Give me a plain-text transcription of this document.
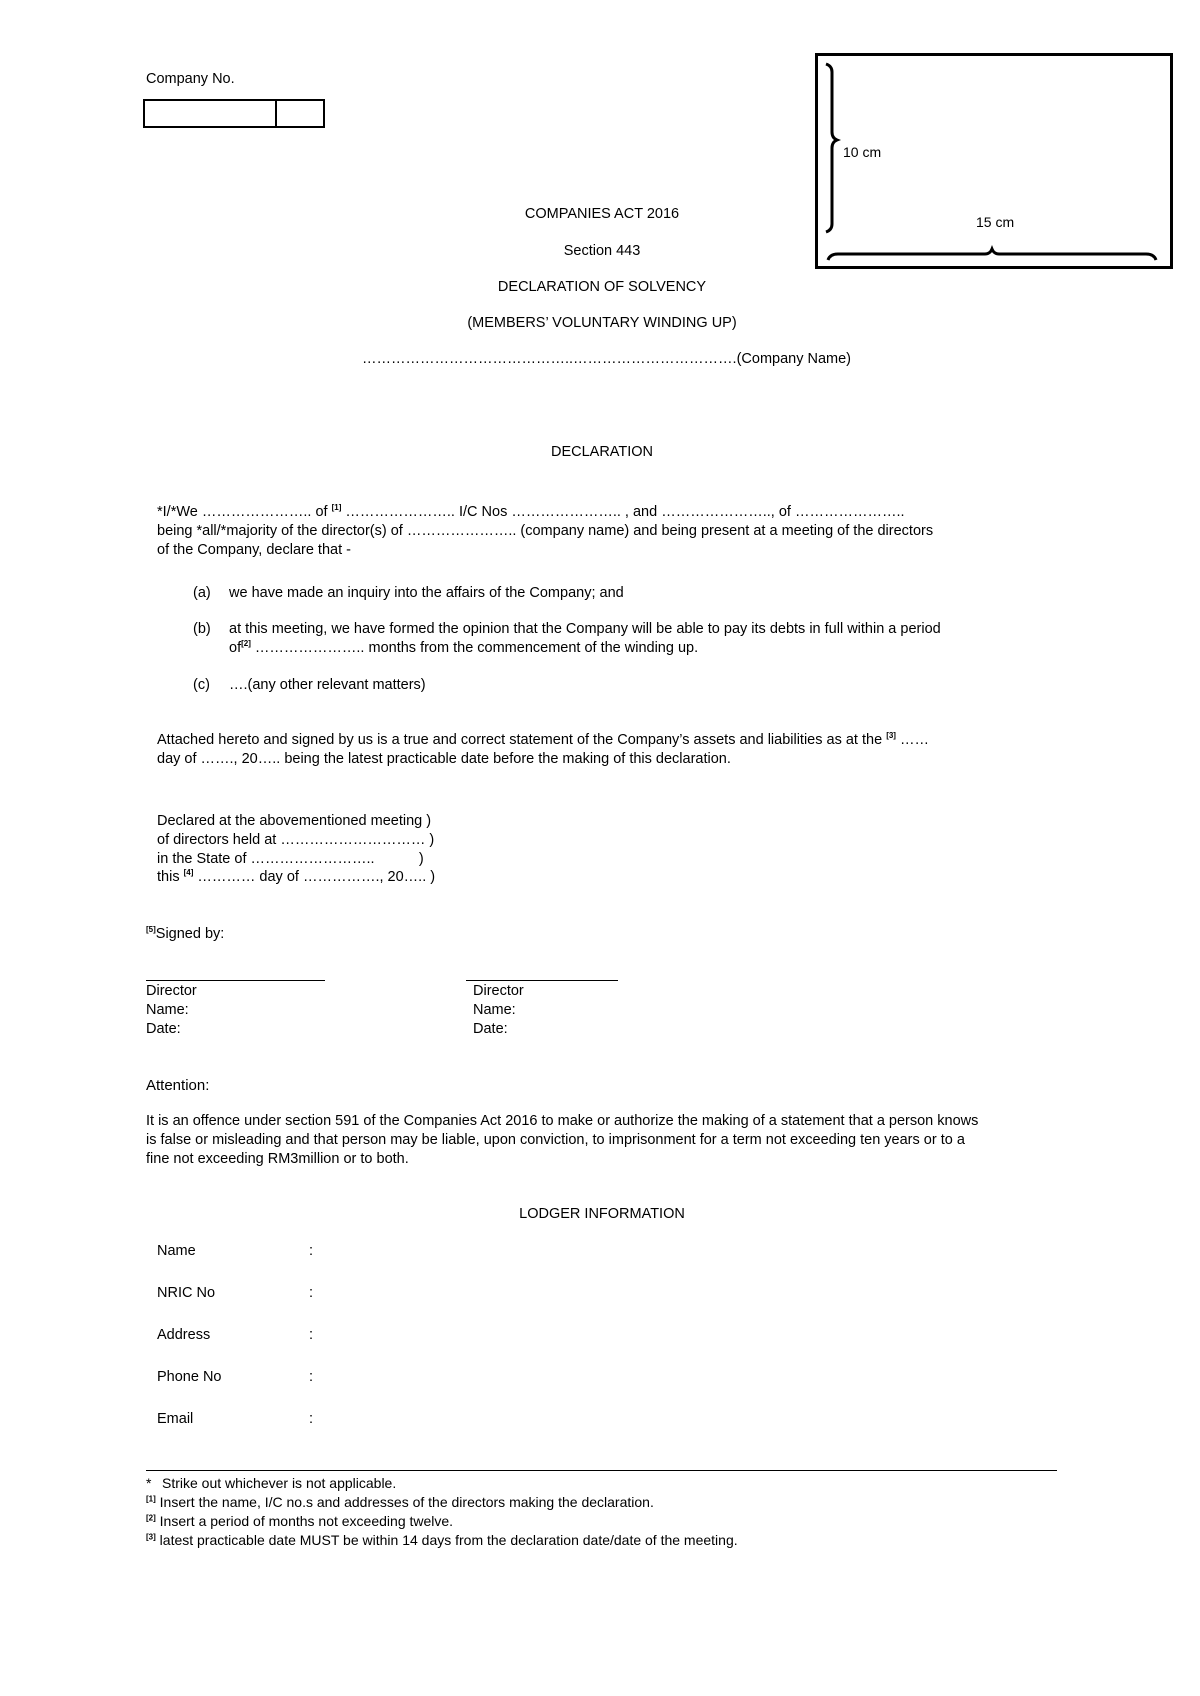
Company No.
10 cm
15 cm
COMPANIES ACT 2016
Section 443
DECLARATION OF SOLVENCY
(MEMBERS’ VOLUNTARY WINDING UP)
……………………………………..…………………………….(Company Name)
DECLARATION
*I/*We ………………….. of [1] ………………….. I/C Nos ………………….. , and ………………….., of …………………..
being *all/*majority of the director(s) of ………………….. (company name) and being present at a meeting of the directors
of the Company, declare that -
(a) we have made an inquiry into the affairs of the Company; and
(b) at this meeting, we have formed the opinion that the Company will be able to pay its debts in full within a period
of[2] ………………….. months from the commencement of the winding up.
(c) ….(any other relevant matters)
Attached hereto and signed by us is a true and correct statement of the Company’s assets and liabilities as at the [3] ……
day of ……., 20….. being the latest practicable date before the making of this declaration.
Declared at the abovementioned meeting )
of directors held at ………………………… )
in the State of ……………………..           )
this [4] ………… day of ……………., 20….. )
[5]Signed by:
Director
Name:
Date:
Director
Name:
Date:
Attention:
It is an offence under section 591 of the Companies Act 2016 to make or authorize the making of a statement that a person knows
is false or misleading and that person may be liable, upon conviction, to imprisonment for a term not exceeding ten years or to a
fine not exceeding RM3million or to both.
LODGER INFORMATION
Name	:
NRIC No	:
Address	:
Phone No	:
Email	:
* Strike out whichever is not applicable.
[1] Insert the name, I/C no.s and addresses of the directors making the declaration.
[2] Insert a period of months not exceeding twelve.
[3] latest practicable date MUST be within 14 days from the declaration date/date of the meeting.
